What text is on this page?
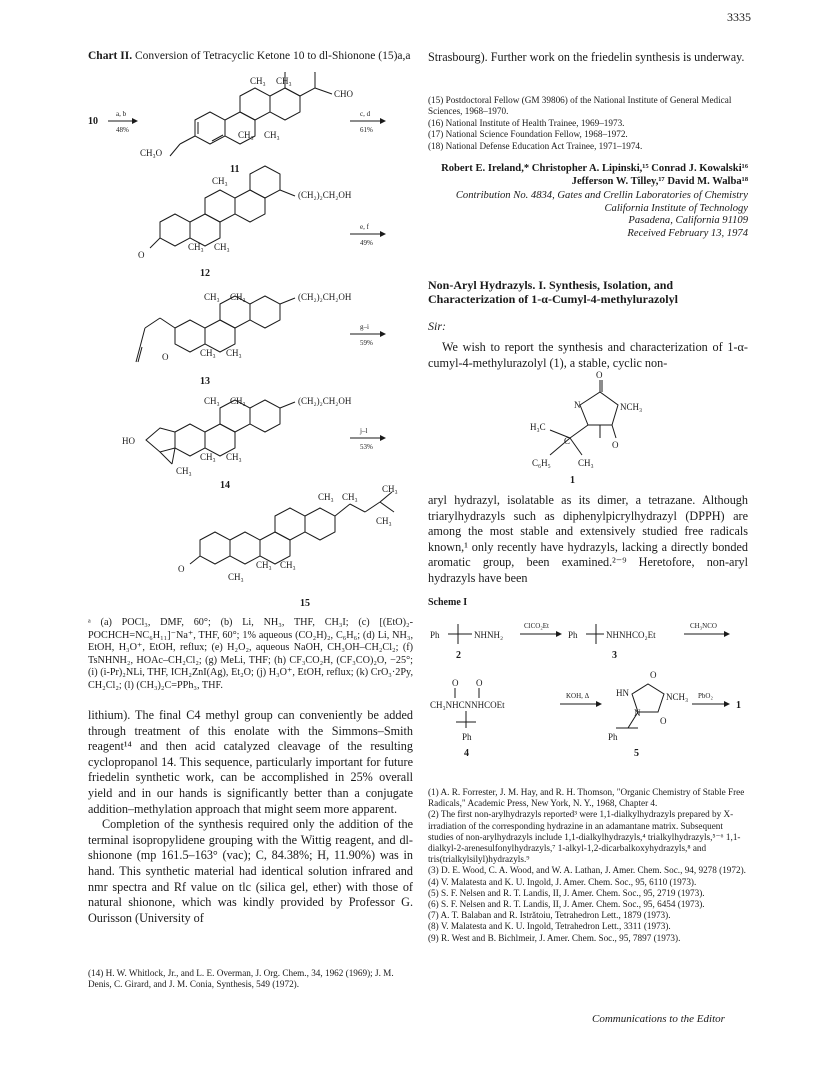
3335
Chart II. Conversion of Tetracyclic Ketone 10 to dl-Shionone (15)a,a
10
a, b
48%
CH₃ CH₃
CHO
CH₃ CH₃
CH₃O
11
c, d
61%
CH₃
(CH₂)₂CH₂OH
O
CH₃ CH₃
12
e, f
49%
CH₃ CH₃	(CH₂)₂CH₂OH
O	CH₃ CH₃
13
g–i
59%
CH₃ CH₃	(CH₂)₂CH₂OH
HO
CH₃ CH₃
CH₃
14
j–l
53%
CH₃ CH₃
CH₃
CH₃
O	CH₃ CH₃
CH₃
15
ᵃ (a) POCl₃, DMF, 60°; (b) Li, NH₃, THF, CH₃I; (c) [(EtO)₂-POCHCH=NC₆H₁₁]⁻Na⁺, THF, 60°; 1% aqueous (CO₂H)₂, C₆H₆; (d) Li, NH₃, EtOH, H₃O⁺, EtOH, reflux; (e) H₂O₂, aqueous NaOH, CH₃OH–CH₂Cl₂; (f) TsNHNH₂, HOAc–CH₂Cl₂; (g) MeLi, THF; (h) CF₃CO₂H, (CF₃CO)₂O, −25°; (i) (i-Pr)₂NLi, THF, ICH₂ZnI(Ag), Et₂O; (j) H₃O⁺, EtOH, reflux; (k) CrO₃·2Py, CH₂Cl₂; (l) (CH₃)₂C=PPh₃, THF.

lithium). The final C4 methyl group can conveniently be added through treatment of this enolate with the Simmons–Smith reagent¹⁴ and then acid catalyzed cleavage of the resulting cyclopropanol 14. This sequence, particularly important for future friedelin synthetic work, can be accomplished in 25% overall yield and in our hands is significantly better than a conjugate addition–methylation approach that might seem more apparent.

Completion of the synthesis required only the addition of the terminal isopropylidene grouping with the Wittig reagent, and dl-shionone (mp 161.5–163° (vac); C, 84.38%; H, 11.90%) was in hand. This synthetic material had identical solution infrared and nmr spectra and Rf value on tlc (silica gel, ether) with those of natural shionone, which was kindly provided by Professor G. Ourisson (University of

(14) H. W. Whitlock, Jr., and L. E. Overman, J. Org. Chem., 34, 1962 (1969); J. M. Denis, C. Girard, and J. M. Conia, Synthesis, 549 (1972).
Strasbourg). Further work on the friedelin synthesis is underway.
(15) Postdoctoral Fellow (GM 39806) of the National Institute of General Medical Sciences, 1968–1970.
(16) National Institute of Health Trainee, 1969–1973.
(17) National Science Foundation Fellow, 1968–1972.
(18) National Defense Education Act Trainee, 1971–1974.
Robert E. Ireland,* Christopher A. Lipinski,¹⁵ Conrad J. Kowalski¹⁶
Jefferson W. Tilley,¹⁷ David M. Walba¹⁸
Contribution No. 4834, Gates and Crellin Laboratories of Chemistry
California Institute of Technology
Pasadena, California 91109
Received February 13, 1974
Non-Aryl Hydrazyls. I. Synthesis, Isolation, and
Characterization of 1-α-Cumyl-4-methylurazolyl
Sir:
We wish to report the synthesis and characterization of 1-α-cumyl-4-methylurazolyl (1), a stable, cyclic non-
O
N	NCH₃
O
H₃C
C
C₆H₅	CH₃
1
aryl hydrazyl, isolatable as its dimer, a tetrazane. Although triarylhydrazyls such as diphenylpicrylhydrazyl (DPPH) are among the most stable and extensively studied free radicals known,¹ only recently have hydrazyls, lacking a directly bonded aromatic group, been examined.²⁻⁹ Heretofore, non-aryl hydrazyls have been
Scheme I
Ph	NHNH₂
2
ClCO₂Et
Ph	NHNHCO₂Et
3
CH₃NCO
O O
CH₃NHCNNHCOEt
Ph
4
KOH, Δ
O
HN
N
NCH₃
O
Ph
5
PbO₂
1
(1) A. R. Forrester, J. M. Hay, and R. H. Thomson, "Organic Chemistry of Stable Free Radicals," Academic Press, New York, N. Y., 1968, Chapter 4.
(2) The first non-arylhydrazyls reported³ were 1,1-dialkylhydrazyls prepared by X-irradiation of the corresponding hydrazine in an adamantane matrix. Subsequent studies of non-arylhydrazyls include 1,1-dialkylhydrazyls,⁴ trialkylhydrazyls,⁵⁻⁶ 1,1-dialkyl-2-arenesulfonylhydrazyls,⁷ 1-alkyl-1,2-dicarbalkoxyhydrazyls,⁸ and tris(trialkylsilyl)hydrazyls.⁹
(3) D. E. Wood, C. A. Wood, and W. A. Lathan, J. Amer. Chem. Soc., 94, 9278 (1972).
(4) V. Malatesta and K. U. Ingold, J. Amer. Chem. Soc., 95, 6110 (1973).
(5) S. F. Nelsen and R. T. Landis, II, J. Amer. Chem. Soc., 95, 2719 (1973).
(6) S. F. Nelsen and R. T. Landis, II, J. Amer. Chem. Soc., 95, 6454 (1973).
(7) A. T. Balaban and R. Istrătoiu, Tetrahedron Lett., 1879 (1973).
(8) V. Malatesta and K. U. Ingold, Tetrahedron Lett., 3311 (1973).
(9) R. West and B. Bichlmeir, J. Amer. Chem. Soc., 95, 7897 (1973).
Communications to the Editor
